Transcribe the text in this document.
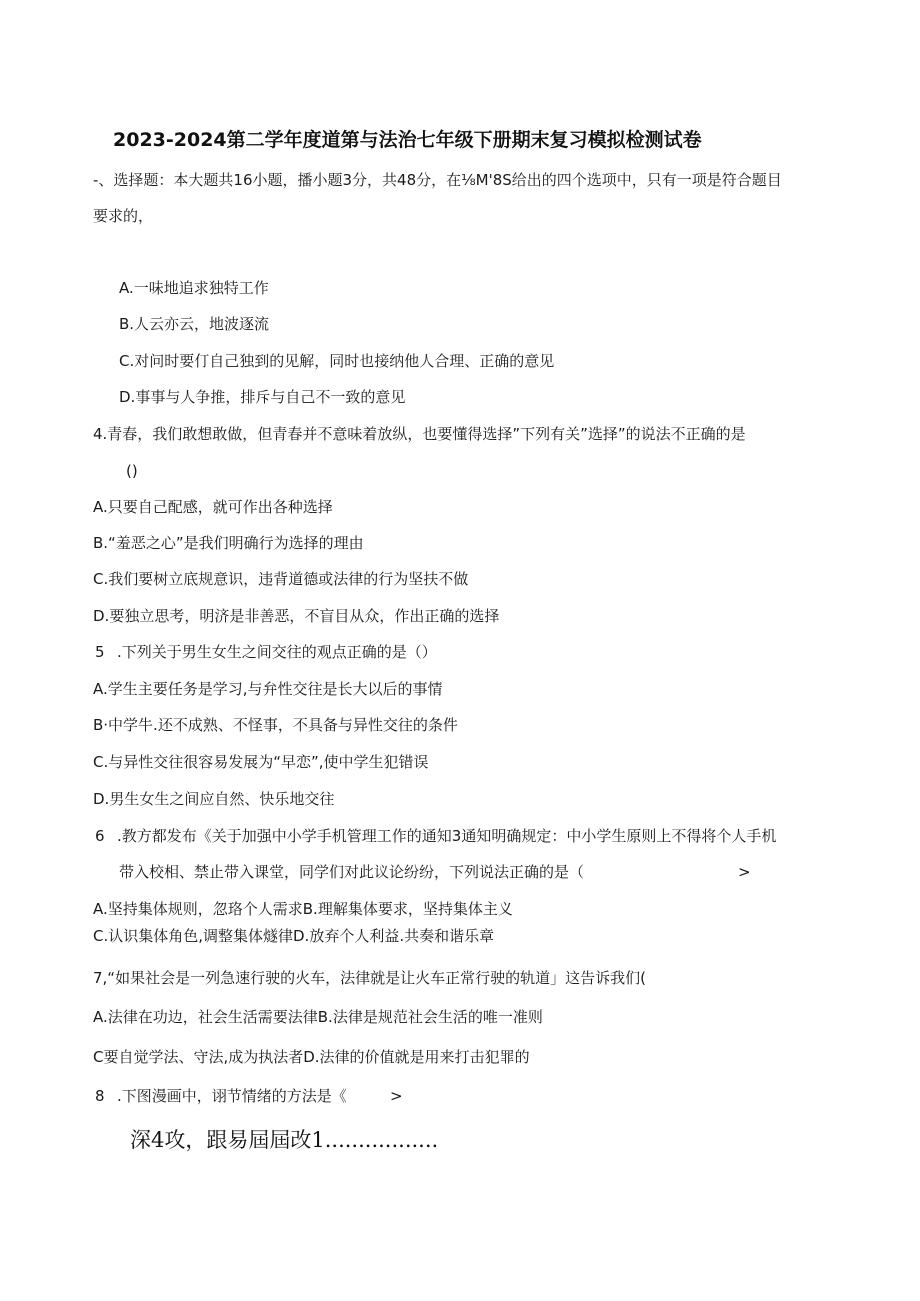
2023-2024第二学年度道第与法治七年级下册期末复习模拟检测试卷
-、选择题：本大题共16小题，播小题3分，共48分，在⅛M'8S给出的四个选项中，只有一项是符合题目
要求的，
A.一味地追求独特工作
B.人云亦云，地波逐流
C.对问时要仃自己独到的见解，同时也接纳他人合理、正确的意见
D.事事与人争推，排斥与自己不一致的意见
4.青春，我们敢想敢做，但青春并不意味着放纵，也要懂得选择”下列有关”选择”的说法不正确的是
()
A.只要自己配感，就可作出各种选择
B.“羞恶之心”是我们明确行为选择的理由
C.我们要树立底规意识，违背道德或法律的行为坚扶不做
D.要独立思考，明济是非善恶，不盲目从众，作出正确的选择
5 .下列关于男生女生之间交往的观点正确的是（）
A.学生主要任务是学习,与弁性交往是长大以后的事情
B·中学牛.还不成熟、不怪事，不具备与异性交往的条件
C.与异性交往很容易发展为“早恋”,使中学生犯错误
D.男生女生之间应自然、快乐地交往
6 .教方都发布《关于加强中小学手机管理工作的通知3通知明确规定：中小学生原则上不得将个人手机
带入校相、禁止带入课堂，同学们对此议论纷纷，下列说法正确的是（	>
A.坚持集体规则，忽珞个人需求B.理解集体要求，坚持集体主义
C.认识集体角色,调整集体燧律D.放弃个人利益.共奏和谐乐章
7,“如果社会是一列急速行驶的火车，法律就是让火车正常行驶的轨道」这告诉我们(
A.法律在功边，社会生活需要法律B.法律是规范社会生活的唯一准则
C要自觉学法、守法,成为执法者D.法律的价值就是用来打击犯罪的
8 .下图漫画中，诩节情绪的方法是《	>
深4攻，跟易屆屆改1.................
